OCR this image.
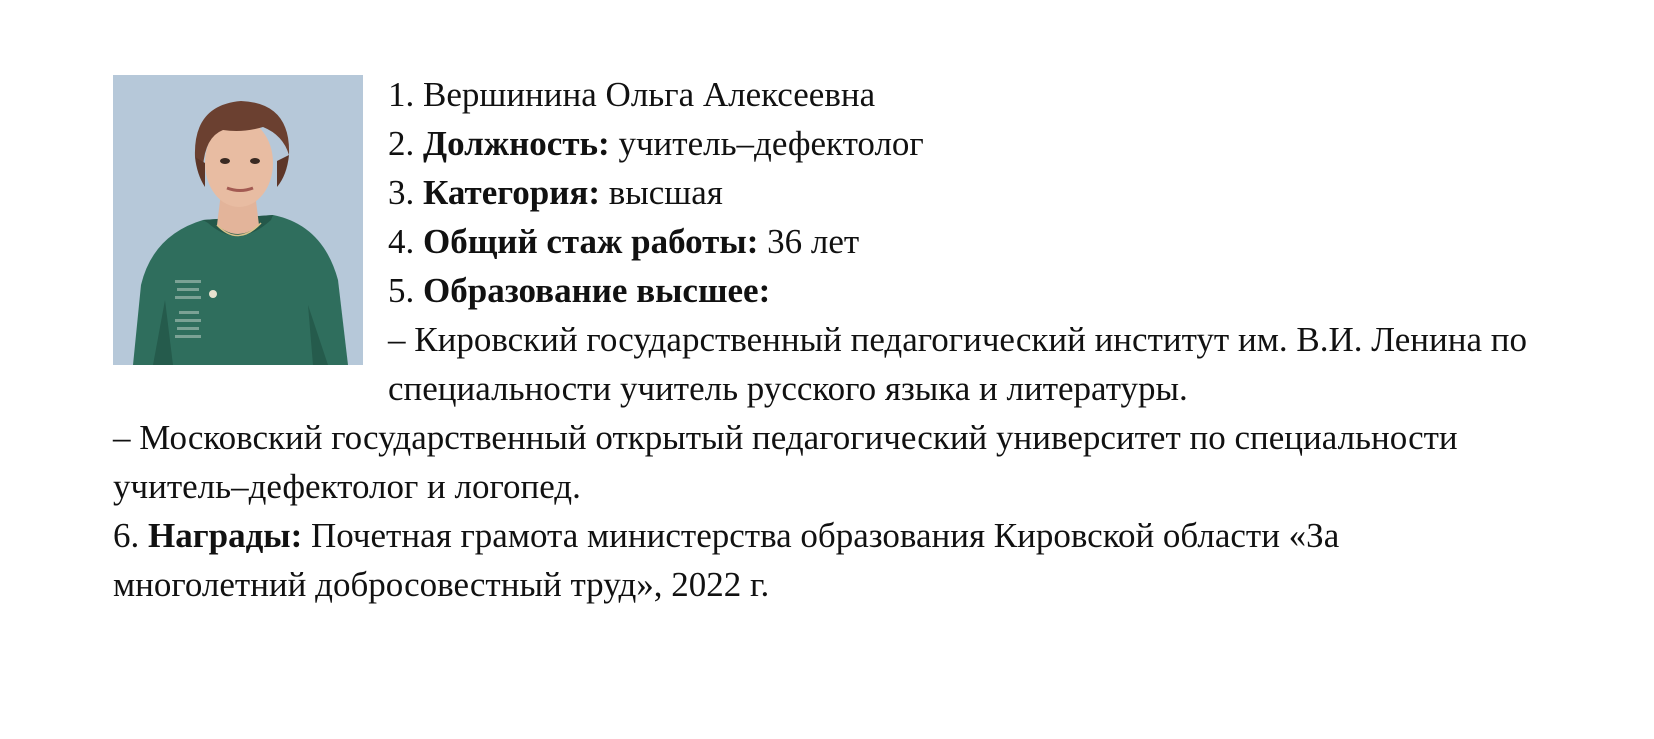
1. Вершинина Ольга Алексеевна
2. Должность: учитель–дефектолог
3. Категория: высшая
4. Общий стаж работы: 36 лет
5. Образование высшее:
– Кировский государственный педагогический институт им. В.И. Ленина по специальности учитель русского языка и литературы.
– Московский государственный открытый педагогический университет по специальности учитель–дефектолог и логопед.
6. Награды: Почетная грамота министерства образования Кировской области «За многолетний добросовестный труд», 2022 г.
